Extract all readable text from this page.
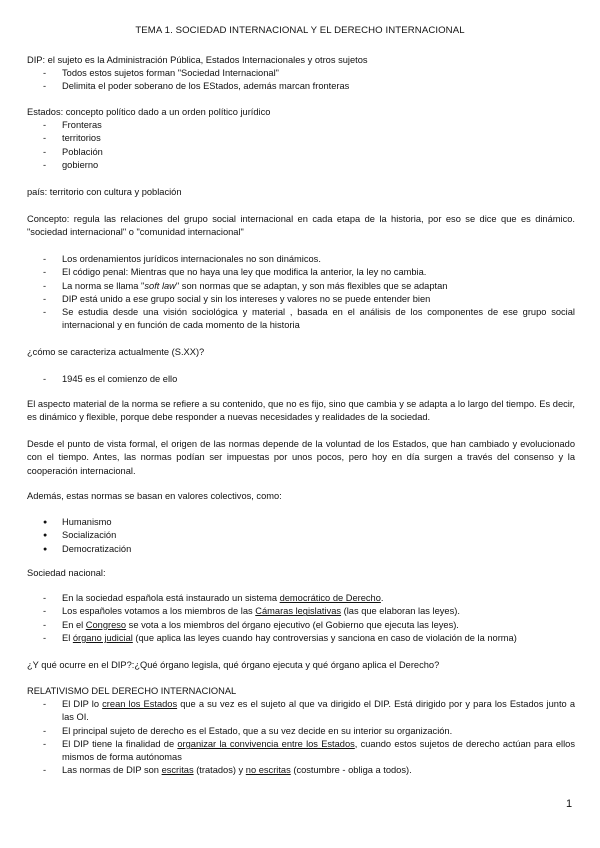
TEMA 1. SOCIEDAD INTERNACIONAL Y EL DERECHO INTERNACIONAL

DIP: el sujeto es la Administración Pública, Estados Internacionales y otros sujetos

- Todos estos sujetos forman "Sociedad Internacional"
- Delimita el poder soberano de los EStados, además marcan fronteras

Estados: concepto político dado a un orden político jurídico

- Fronteras
- territorios
- Población
- gobierno

país: territorio con cultura y población

Concepto: regula las relaciones del grupo social internacional en cada etapa de la historia, por eso se dice que es dinámico. "sociedad internacional" o "comunidad internacional"

- Los ordenamientos jurídicos internacionales no son dinámicos.
- El código penal: Mientras que no haya una ley que modifica la anterior, la ley no cambia.
- La norma se llama "soft law" son normas que se adaptan, y son más flexibles que se adaptan
- DIP está unido a ese grupo social y sin los intereses y valores no se puede entender bien
- Se estudia desde una visión sociológica y material , basada en el análisis de los componentes de ese grupo social internacional y en función de cada momento de la historia

¿cómo se caracteriza actualmente (S.XX)?

- 1945 es el comienzo de ello

El aspecto material de la norma se refiere a su contenido, que no es fijo, sino que cambia y se adapta a lo largo del tiempo. Es decir, es dinámico y flexible, porque debe responder a nuevas necesidades y realidades de la sociedad.

Desde el punto de vista formal, el origen de las normas depende de la voluntad de los Estados, que han cambiado y evolucionado con el tiempo. Antes, las normas podían ser impuestas por unos pocos, pero hoy en día surgen a través del consenso y la cooperación internacional.

Además, estas normas se basan en valores colectivos, como:

● Humanismo
● Socialización
● Democratización

Sociedad nacional:

- En la sociedad española está instaurado un sistema democrático de Derecho.
- Los españoles votamos a los miembros de las Cámaras legislativas (las que elaboran las leyes).
- En el Congreso se vota a los miembros del órgano ejecutivo (el Gobierno que ejecuta las leyes).
- El órgano judicial (que aplica las leyes cuando hay controversias y sanciona en caso de violación de la norma)

¿Y qué ocurre en el DIP?:¿Qué órgano legisla, qué órgano ejecuta y qué órgano aplica el Derecho?

RELATIVISMO DEL DERECHO INTERNACIONAL

- El DIP lo crean los Estados que a su vez es el sujeto al que va dirigido el DIP. Está dirigido por y para los Estados junto a las OI.
- El principal sujeto de derecho es el Estado, que a su vez decide en su interior su organización.
- El DIP tiene la finalidad de organizar la convivencia entre los Estados, cuando estos sujetos de derecho actúan para ellos mismos de forma autónomas
- Las normas de DIP son escritas (tratados) y no escritas (costumbre - obliga a todos).
1
